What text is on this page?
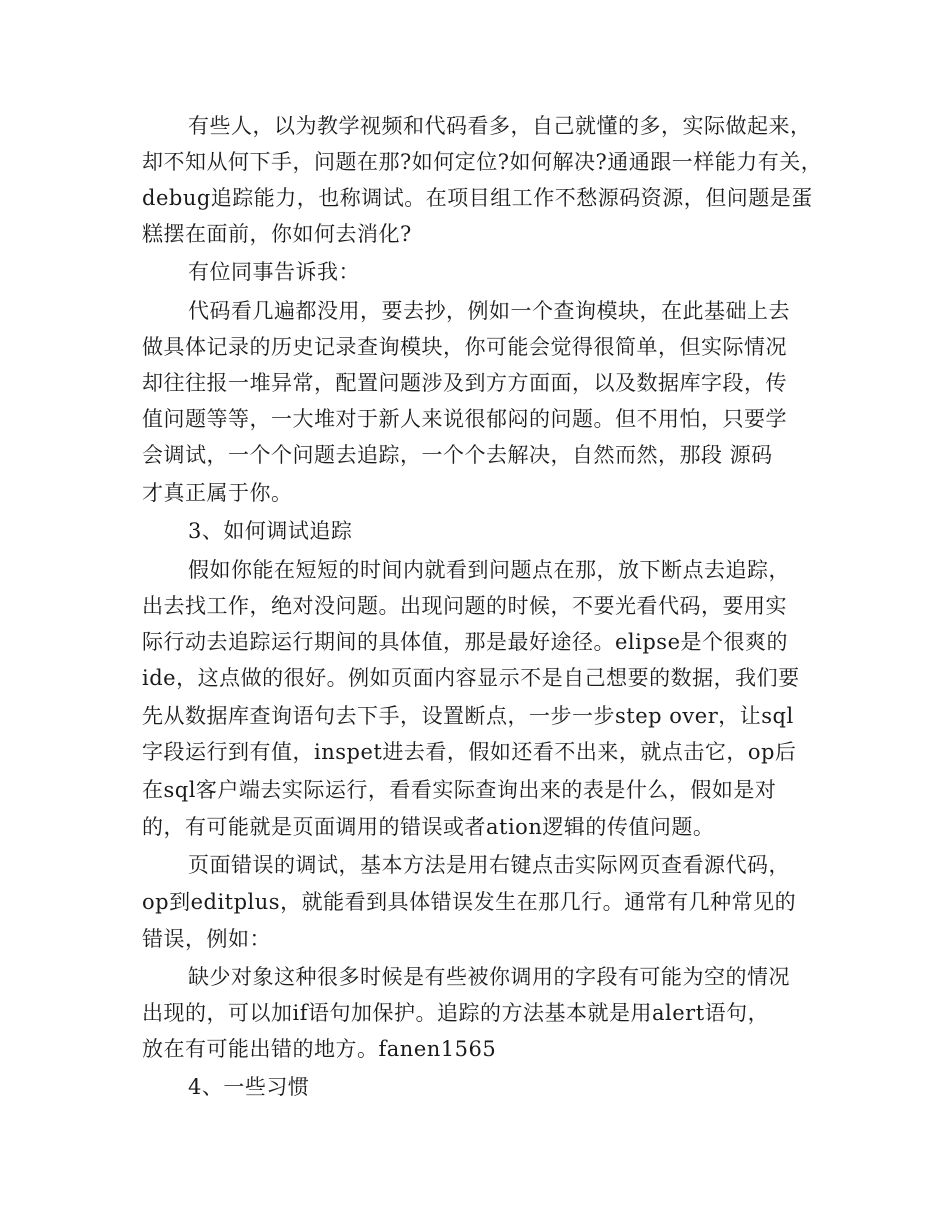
有些人，以为教学视频和代码看多，自己就懂的多，实际做起来，
却不知从何下手，问题在那?如何定位?如何解决?通通跟一样能力有关，
debug追踪能力，也称调试。在项目组工作不愁源码资源，但问题是蛋
糕摆在面前，你如何去消化?
有位同事告诉我：
代码看几遍都没用，要去抄，例如一个查询模块，在此基础上去
做具体记录的历史记录查询模块，你可能会觉得很简单，但实际情况
却往往报一堆异常，配置问题涉及到方方面面，以及数据库字段，传
值问题等等，一大堆对于新人来说很郁闷的问题。但不用怕，只要学
会调试，一个个问题去追踪，一个个去解决，自然而然，那段 源码
才真正属于你。
3、如何调试追踪
假如你能在短短的时间内就看到问题点在那，放下断点去追踪，
出去找工作，绝对没问题。出现问题的时候，不要光看代码，要用实
际行动去追踪运行期间的具体值，那是最好途径。elipse是个很爽的
ide，这点做的很好。例如页面内容显示不是自己想要的数据，我们要
先从数据库查询语句去下手，设置断点，一步一步step over，让sql
字段运行到有值，inspet进去看，假如还看不出来，就点击它，op后
在sql客户端去实际运行，看看实际查询出来的表是什么，假如是对
的，有可能就是页面调用的错误或者ation逻辑的传值问题。
页面错误的调试，基本方法是用右键点击实际网页查看源代码，
op到editplus，就能看到具体错误发生在那几行。通常有几种常见的
错误，例如：
缺少对象这种很多时候是有些被你调用的字段有可能为空的情况
出现的，可以加if语句加保护。追踪的方法基本就是用alert语句，
放在有可能出错的地方。fanen1565
4、一些习惯
